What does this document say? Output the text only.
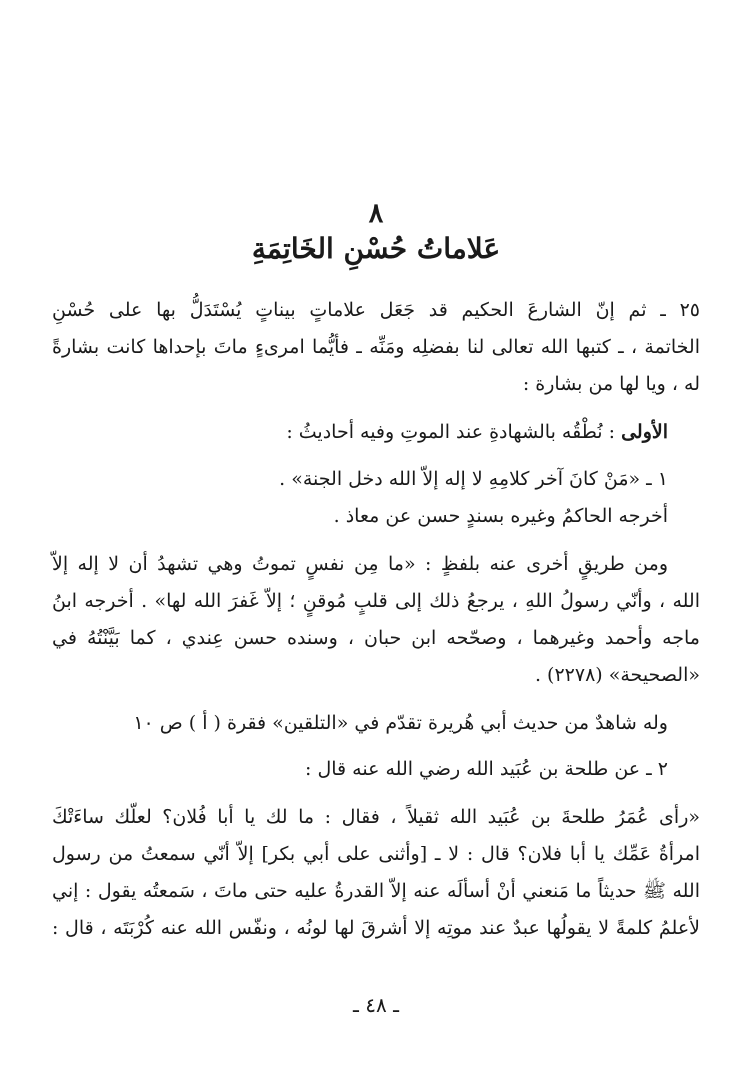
٨
عَلاماتُ حُسْنِ الخَاتِمَةِ
٢٥ ـ ثم إنّ الشارعَ الحكيم قد جَعَل علاماتٍ بيناتٍ يُسْتَدَلُّ بها على حُسْنِ
الخاتمة ، ـ كتبها الله تعالى لنا بفضلِه ومَنِّه ـ فأيُّما امرىءٍ ماتَ بإحداها كانت بشارةً
له ، ويا لها من بشارة :
الأولى : نُطْقُه بالشهادةِ عند الموتِ وفيه أحاديثُ :
١ ـ «مَنْ كانَ آخر كلامِهِ لا إله إلاّ الله دخل الجنة» .
أخرجه الحاكمُ وغيره بسندٍ حسن عن معاذ .
ومن طريقٍ أخرى عنه بلفظٍ : «ما مِن نفسٍ تموتُ وهي تشهدُ أن لا إله إلاّ
الله ، وأنّي رسولُ اللهِ ، يرجعُ ذلك إلى قلبٍ مُوقنٍ ؛ إلاّ غَفرَ الله لها» . أخرجه ابنُ
ماجه وأحمد وغيرهما ، وصحّحه ابن حبان ، وسنده حسن عِندي ، كما بَيَّنْتُهُ في
«الصحيحة» (٢٢٧٨) .
وله شاهدٌ من حديث أبي هُريرة تقدّم في «التلقين» فقرة ( أ ) ص ١٠
٢ ـ عن طلحة بن عُبَيد الله رضي الله عنه قال :
«رأى عُمَرُ طلحةَ بن عُبَيد الله ثقيلاً ، فقال : ما لك يا أبا فُلان؟ لعلّك ساءَتْكَ
امرأةُ عَمِّك يا أبا فلان؟ قال : لا ـ [وأثنى على أبي بكر] إلاّ أنّي سمعتُ من رسول
الله ﷺ حديثاً ما مَنعني أنْ أسألَه عنه إلاّ القدرةُ عليه حتى ماتَ ، سَمعتُه يقول : إني
لأعلمُ كلمةً لا يقولُها عبدٌ عند موتِه إلا أشرقَ لها لونُه ، ونفّس الله عنه كُرْبَتَه ، قال :
ـ ٤٨ ـ
